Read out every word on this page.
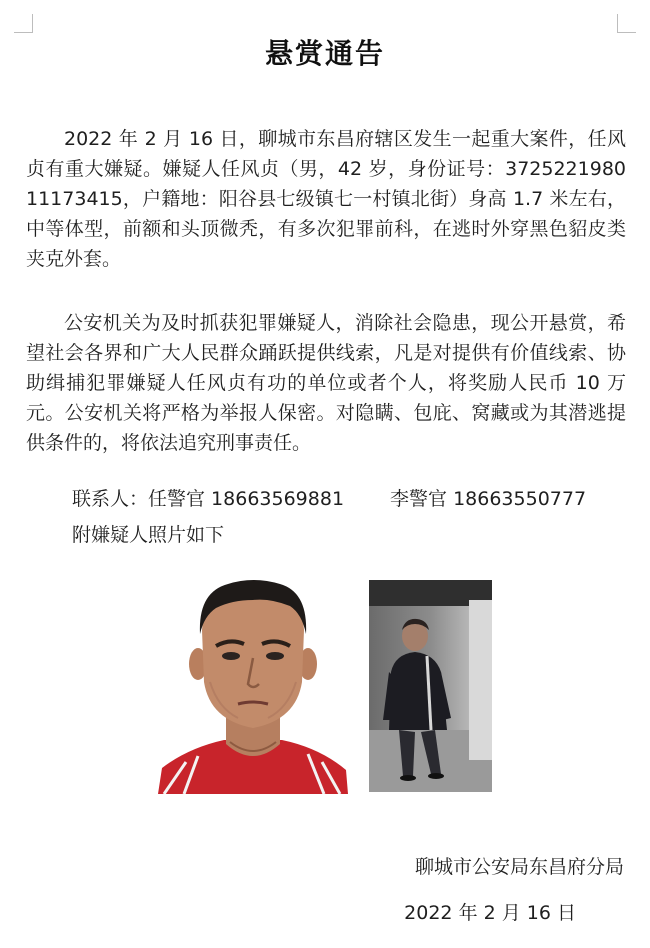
悬赏通告

2022 年 2 月 16 日，聊城市东昌府辖区发生一起重大案件，任风贞有重大嫌疑。嫌疑人任风贞（男，42 岁，身份证号：372522198011173415，户籍地：阳谷县七级镇七一村镇北街）身高 1.7 米左右，中等体型，前额和头顶微秃，有多次犯罪前科，在逃时外穿黑色貂皮类夹克外套。

公安机关为及时抓获犯罪嫌疑人，消除社会隐患，现公开悬赏，希望社会各界和广大人民群众踊跃提供线索，凡是对提供有价值线索、协助缉捕犯罪嫌疑人任风贞有功的单位或者个人，将奖励人民币 10 万元。公安机关将严格为举报人保密。对隐瞒、包庇、窝藏或为其潜逃提供条件的，将依法追究刑事责任。

联系人：任警官 18663569881 李警官 18663550777
附嫌疑人照片如下
聊城市公安局东昌府分局
2022 年 2 月 16 日
